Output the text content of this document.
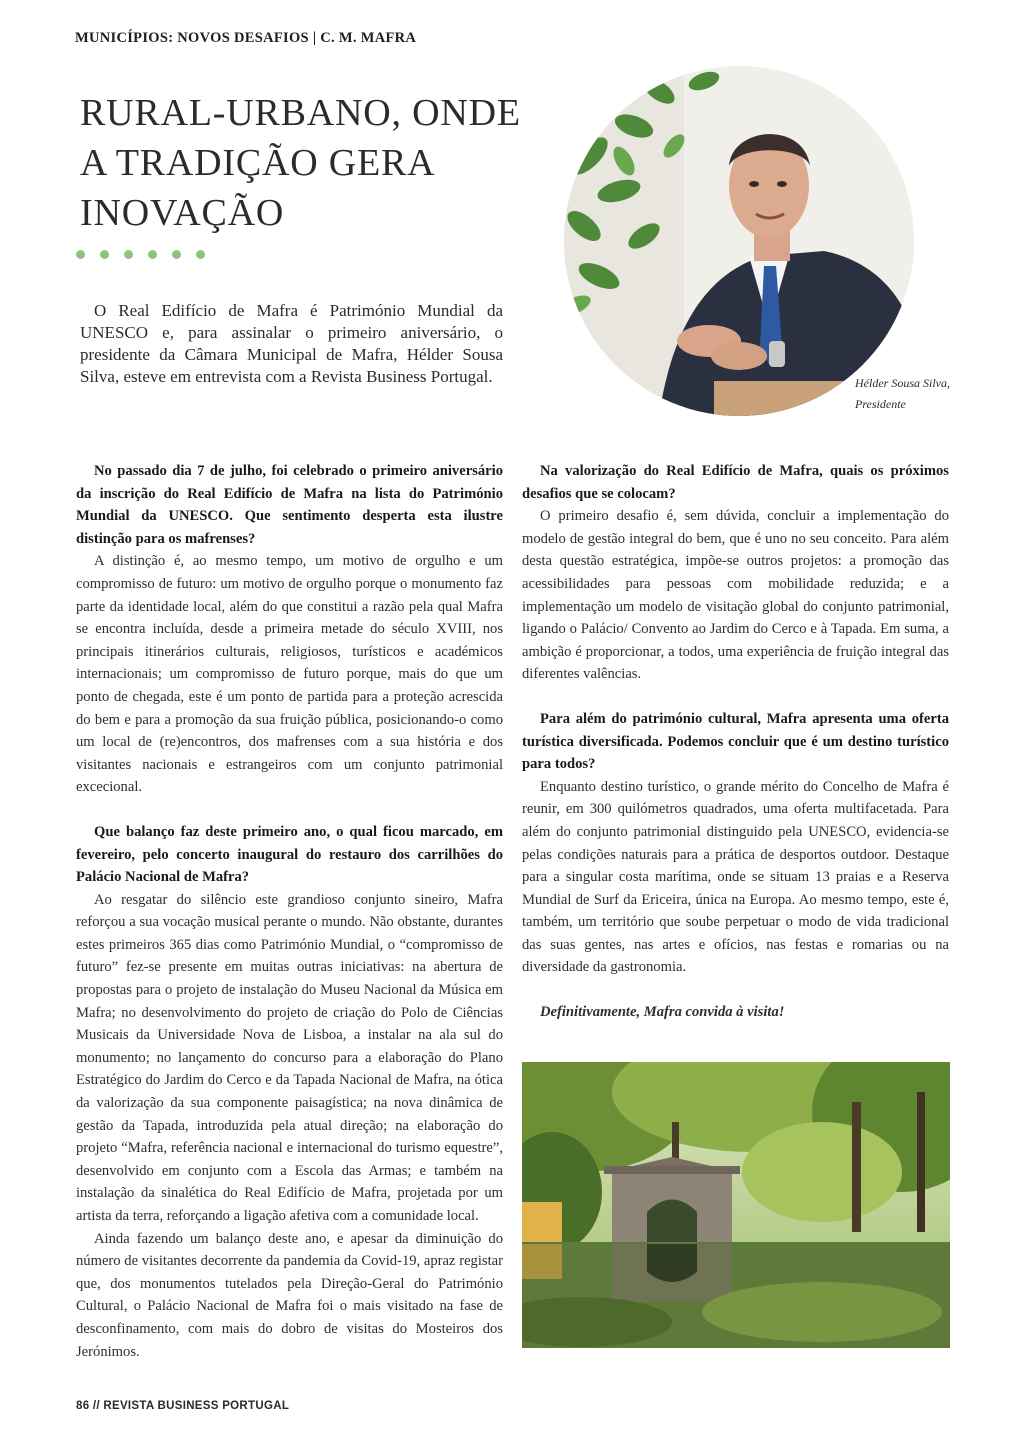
MUNICÍPIOS: NOVOS DESAFIOS | C. M. MAFRA
RURAL-URBANO, ONDE
A TRADIÇÃO GERA
INOVAÇÃO

O Real Edifício de Mafra é Património Mundial da UNESCO e, para assinalar o primeiro aniversário, o presidente da Câmara Municipal de Mafra, Hélder Sousa Silva, esteve em entrevista com a Revista Business Portugal.	Hélder Sousa Silva,
Presidente

No passado dia 7 de julho, foi celebrado o primeiro aniversário da inscrição do Real Edifício de Mafra na lista do Património Mundial da UNESCO. Que sentimento desperta esta ilustre distinção para os mafrenses?

A distinção é, ao mesmo tempo, um motivo de orgulho e um compromisso de futuro: um motivo de orgulho porque o monumento faz parte da identidade local, além do que constitui a razão pela qual Mafra se encontra incluída, desde a primeira metade do século XVIII, nos principais itinerários culturais, religiosos, turísticos e académicos internacionais; um compromisso de futuro porque, mais do que um ponto de chegada, este é um ponto de partida para a proteção acrescida do bem e para a promoção da sua fruição pública, posicionando-o como um local de (re)encontros, dos mafrenses com a sua história e dos visitantes nacionais e estrangeiros com um conjunto patrimonial excecional.

Que balanço faz deste primeiro ano, o qual ficou marcado, em fevereiro, pelo concerto inaugural do restauro dos carrilhões do Palácio Nacional de Mafra?

Ao resgatar do silêncio este grandioso conjunto sineiro, Mafra reforçou a sua vocação musical perante o mundo. Não obstante, durantes estes primeiros 365 dias como Património Mundial, o “compromisso de futuro” fez-se presente em muitas outras iniciativas: na abertura de propostas para o projeto de instalação do Museu Nacional da Música em Mafra; no desenvolvimento do projeto de criação do Polo de Ciências Musicais da Universidade Nova de Lisboa, a instalar na ala sul do monumento; no lançamento do concurso para a elaboração do Plano Estratégico do Jardim do Cerco e da Tapada Nacional de Mafra, na ótica da valorização da sua componente paisagística; na nova dinâmica de gestão da Tapada, introduzida pela atual direção; na elaboração do projeto “Mafra, referência nacional e internacional do turismo equestre”, desenvolvido em conjunto com a Escola das Armas; e também na instalação da sinalética do Real Edifício de Mafra, projetada por um artista da terra, reforçando a ligação afetiva com a comunidade local.

Ainda fazendo um balanço deste ano, e apesar da diminuição do número de visitantes decorrente da pandemia da Covid-19, apraz registar que, dos monumentos tutelados pela Direção-Geral do Património Cultural, o Palácio Nacional de Mafra foi o mais visitado na fase de desconfinamento, com mais do dobro de visitas do Mosteiros dos Jerónimos.

Na valorização do Real Edifício de Mafra, quais os próximos desafios que se colocam?

O primeiro desafio é, sem dúvida, concluir a implementação do modelo de gestão integral do bem, que é uno no seu conceito. Para além desta questão estratégica, impõe-se outros projetos: a promoção das acessibilidades para pessoas com mobilidade reduzida; e a implementação um modelo de visitação global do conjunto patrimonial, ligando o Palácio/ Convento ao Jardim do Cerco e à Tapada. Em suma, a ambição é proporcionar, a todos, uma experiência de fruição integral das diferentes valências.

Para além do património cultural, Mafra apresenta uma oferta turística diversificada. Podemos concluir que é um destino turístico para todos?

Enquanto destino turístico, o grande mérito do Concelho de Mafra é reunir, em 300 quilómetros quadrados, uma oferta multifacetada. Para além do conjunto patrimonial distinguido pela UNESCO, evidencia-se pelas condições naturais para a prática de desportos outdoor. Destaque para a singular costa marítima, onde se situam 13 praias e a Reserva Mundial de Surf da Ericeira, única na Europa. Ao mesmo tempo, este é, também, um território que soube perpetuar o modo de vida tradicional das suas gentes, nas artes e ofícios, nas festas e romarias ou na diversidade da gastronomia.

Definitivamente, Mafra convida à visita!

86 // REVISTA BUSINESS PORTUGAL
